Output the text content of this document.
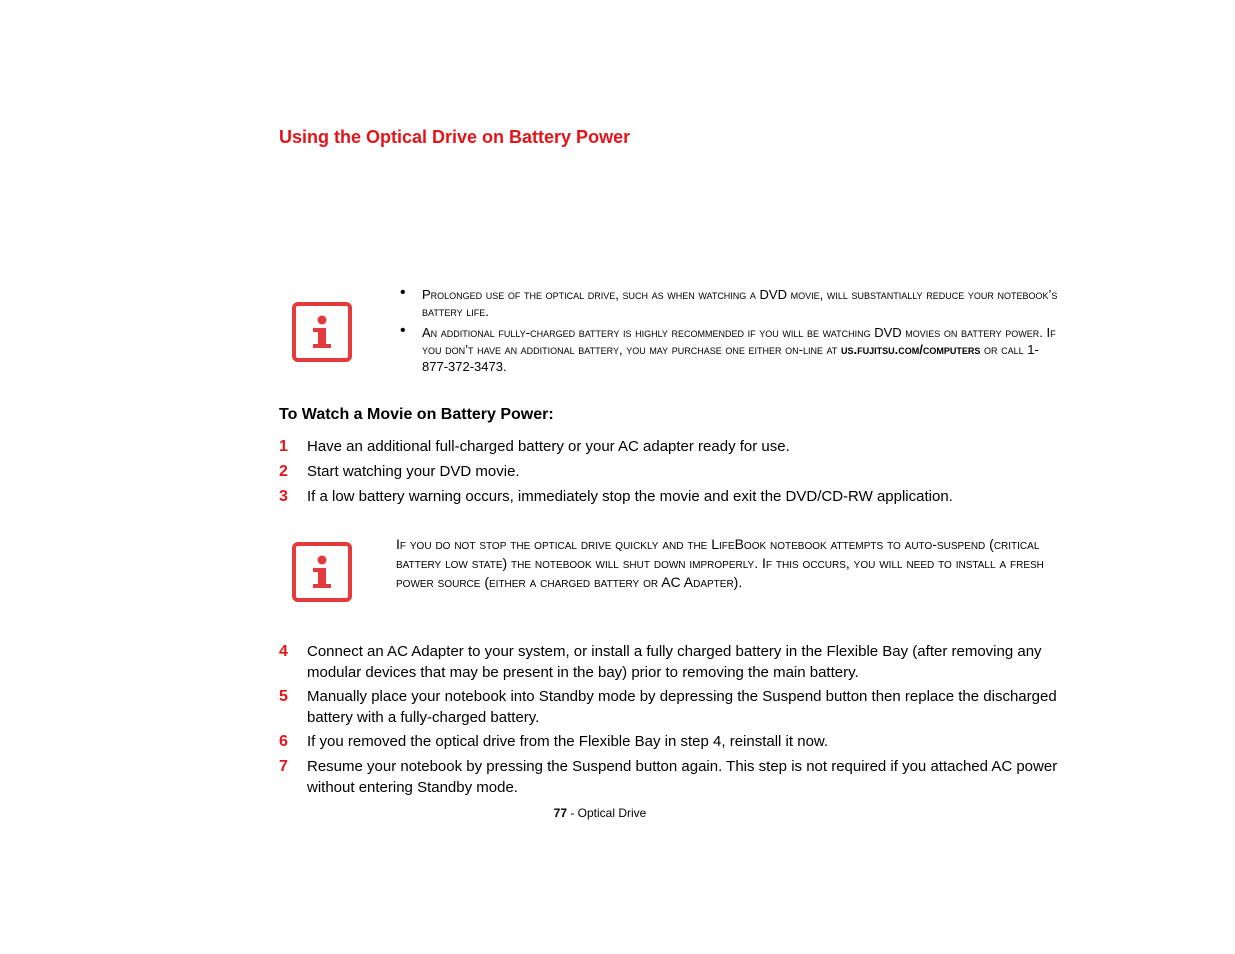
Using the Optical Drive on Battery Power
• Prolonged use of the optical drive, such as when watching a DVD movie, will substantially reduce your notebook’s battery life.
• An additional fully-charged battery is highly recommended if you will be watching DVD movies on battery power. If you don’t have an additional battery, you may purchase one either on-line at us.fujitsu.com/computers or call 1-877-372-3473.
To Watch a Movie on Battery Power:
1 Have an additional full-charged battery or your AC adapter ready for use.
2 Start watching your DVD movie.
3 If a low battery warning occurs, immediately stop the movie and exit the DVD/CD-RW application.
If you do not stop the optical drive quickly and the LifeBook notebook attempts to auto-suspend (critical battery low state) the notebook will shut down improperly. If this occurs, you will need to install a fresh power source (either a charged battery or AC Adapter).
4 Connect an AC Adapter to your system, or install a fully charged battery in the Flexible Bay (after removing any modular devices that may be present in the bay) prior to removing the main battery.
5 Manually place your notebook into Standby mode by depressing the Suspend button then replace the discharged battery with a fully-charged battery.
6 If you removed the optical drive from the Flexible Bay in step 4, reinstall it now.
7 Resume your notebook by pressing the Suspend button again. This step is not required if you attached AC power without entering Standby mode.
77 - Optical Drive
